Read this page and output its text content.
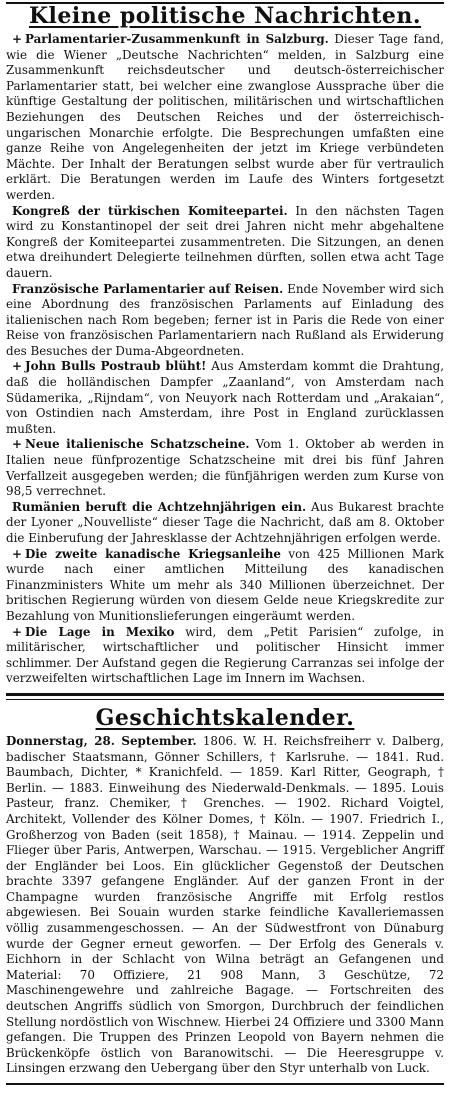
Kleine politische Nachrichten.

+ Parlamentarier-Zusammenkunft in Salzburg. Dieser Tage fand, wie die Wiener „Deutsche Nachrichten“ melden, in Salzburg eine Zusammenkunft reichsdeutscher und deutsch-österreichischer Parlamentarier statt, bei welcher eine zwanglose Aussprache über die künftige Gestaltung der politischen, militärischen und wirtschaftlichen Beziehungen des Deutschen Reiches und der österreichisch-ungarischen Monarchie erfolgte. Die Besprechungen umfaßten eine ganze Reihe von Angelegenheiten der jetzt im Kriege verbündeten Mächte. Der Inhalt der Beratungen selbst wurde aber für vertraulich erklärt. Die Beratungen werden im Laufe des Winters fortgesetzt werden.

Kongreß der türkischen Komiteepartei. In den nächsten Tagen wird zu Konstantinopel der seit drei Jahren nicht mehr abgehaltene Kongreß der Komiteepartei zusammentreten. Die Sitzungen, an denen etwa dreihundert Delegierte teilnehmen dürften, sollen etwa acht Tage dauern.

Französische Parlamentarier auf Reisen. Ende November wird sich eine Abordnung des französischen Parlaments auf Einladung des italienischen nach Rom begeben; ferner ist in Paris die Rede von einer Reise von französischen Parlamentariern nach Rußland als Erwiderung des Besuches der Duma-Abgeordneten.

+ John Bulls Postraub blüht! Aus Amsterdam kommt die Drahtung, daß die holländischen Dampfer „Zaanland“, von Amsterdam nach Südamerika, „Rijndam“, von Neuyork nach Rotterdam und „Arakaian“, von Ostindien nach Amsterdam, ihre Post in England zurücklassen mußten.

+ Neue italienische Schatzscheine. Vom 1. Oktober ab werden in Italien neue fünfprozentige Schatzscheine mit drei bis fünf Jahren Verfallzeit ausgegeben werden; die fünfjährigen werden zum Kurse von 98,5 verrechnet.

Rumänien beruft die Achtzehnjährigen ein. Aus Bukarest brachte der Lyoner „Nouvelliste“ dieser Tage die Nachricht, daß am 8. Oktober die Einberufung der Jahresklasse der Achtzehnjährigen erfolgen werde.

+ Die zweite kanadische Kriegsanleihe von 425 Millionen Mark wurde nach einer amtlichen Mitteilung des kanadischen Finanzministers White um mehr als 340 Millionen überzeichnet. Der britischen Regierung würden von diesem Gelde neue Kriegskredite zur Bezahlung von Munitionslieferungen eingeräumt werden.

+ Die Lage in Mexiko wird, dem „Petit Parisien“ zufolge, in militärischer, wirtschaftlicher und politischer Hinsicht immer schlimmer. Der Aufstand gegen die Regierung Carranzas sei infolge der verzweifelten wirtschaftlichen Lage im Innern im Wachsen.

Geschichtskalender.

Donnerstag, 28. September. 1806. W. H. Reichsfreiherr v. Dalberg, badischer Staatsmann, Gönner Schillers, † Karlsruhe. — 1841. Rud. Baumbach, Dichter, * Kranichfeld. — 1859. Karl Ritter, Geograph, † Berlin. — 1883. Einweihung des Niederwald-Denkmals. — 1895. Louis Pasteur, franz. Chemiker, † Grenches. — 1902. Richard Voigtel, Architekt, Vollender des Kölner Domes, † Köln. — 1907. Friedrich I., Großherzog von Baden (seit 1858), † Mainau. — 1914. Zeppelin und Flieger über Paris, Antwerpen, Warschau. — 1915. Vergeblicher Angriff der Engländer bei Loos. Ein glücklicher Gegenstoß der Deutschen brachte 3397 gefangene Engländer. Auf der ganzen Front in der Champagne wurden französische Angriffe mit Erfolg restlos abgewiesen. Bei Souain wurden starke feindliche Kavalleriemassen völlig zusammengeschossen. — An der Südwestfront von Dünaburg wurde der Gegner erneut geworfen. — Der Erfolg des Generals v. Eichhorn in der Schlacht von Wilna beträgt an Gefangenen und Material: 70 Offiziere, 21 908 Mann, 3 Geschütze, 72 Maschinengewehre und zahlreiche Bagage. — Fortschreiten des deutschen Angriffs südlich von Smorgon, Durchbruch der feindlichen Stellung nordöstlich von Wischnew. Hierbei 24 Offiziere und 3300 Mann gefangen. Die Truppen des Prinzen Leopold von Bayern nehmen die Brückenköpfe östlich von Baranowitschi. — Die Heeresgruppe v. Linsingen erzwang den Uebergang über den Styr unterhalb von Luck.
